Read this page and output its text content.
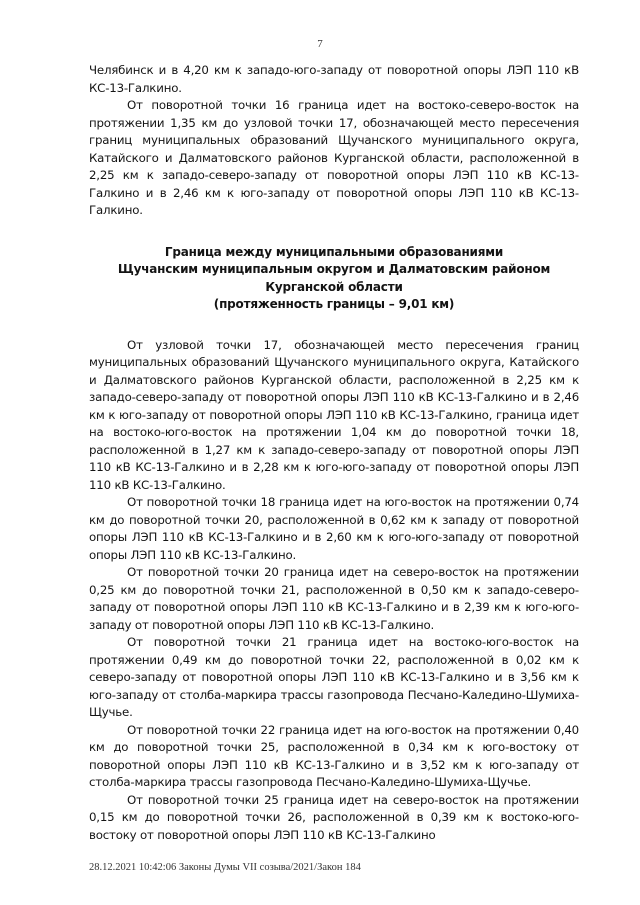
7

Челябинск и в 4,20 км к западо-юго-западу от поворотной опоры ЛЭП 110 кВ КС-13-Галкино.

От поворотной точки 16 граница идет на востоко-северо-восток на протяжении 1,35 км до узловой точки 17, обозначающей место пересечения границ муниципальных образований Щучанского муниципального округа, Катайского и Далматовского районов Курганской области, расположенной в 2,25 км к западо-северо-западу от поворотной опоры ЛЭП 110 кВ КС-13-Галкино и в 2,46 км к юго-западу от поворотной опоры ЛЭП 110 кВ КС-13-Галкино.

Граница между муниципальными образованиями
Щучанским муниципальным округом и Далматовским районом
Курганской области
(протяженность границы – 9,01 км)

От узловой точки 17, обозначающей место пересечения границ муниципальных образований Щучанского муниципального округа, Катайского и Далматовского районов Курганской области, расположенной в 2,25 км к западо-северо-западу от поворотной опоры ЛЭП 110 кВ КС-13-Галкино и в 2,46 км к юго-западу от поворотной опоры ЛЭП 110 кВ КС-13-Галкино, граница идет на востоко-юго-восток на протяжении 1,04 км до поворотной точки 18, расположенной в 1,27 км к западо-северо-западу от поворотной опоры ЛЭП 110 кВ КС-13-Галкино и в 2,28 км к юго-юго-западу от поворотной опоры ЛЭП 110 кВ КС-13-Галкино.

От поворотной точки 18 граница идет на юго-восток на протяжении 0,74 км до поворотной точки 20, расположенной в 0,62 км к западу от поворотной опоры ЛЭП 110 кВ КС-13-Галкино и в 2,60 км к юго-юго-западу от поворотной опоры ЛЭП 110 кВ КС-13-Галкино.

От поворотной точки 20 граница идет на северо-восток на протяжении 0,25 км до поворотной точки 21, расположенной в 0,50 км к западо-северо-западу от поворотной опоры ЛЭП 110 кВ КС-13-Галкино и в 2,39 км к юго-юго-западу от поворотной опоры ЛЭП 110 кВ КС-13-Галкино.

От поворотной точки 21 граница идет на востоко-юго-восток на протяжении 0,49 км до поворотной точки 22, расположенной в 0,02 км к северо-западу от поворотной опоры ЛЭП 110 кВ КС-13-Галкино и в 3,56 км к юго-западу от столба-маркира трассы газопровода Песчано-Каледино-Шумиха-Щучье.

От поворотной точки 22 граница идет на юго-восток на протяжении 0,40 км до поворотной точки 25, расположенной в 0,34 км к юго-востоку от поворотной опоры ЛЭП 110 кВ КС-13-Галкино и в 3,52 км к юго-западу от столба-маркира трассы газопровода Песчано-Каледино-Шумиха-Щучье.

От поворотной точки 25 граница идет на северо-восток на протяжении 0,15 км до поворотной точки 26, расположенной в 0,39 км к востоко-юго-востоку от поворотной опоры ЛЭП 110 кВ КС-13-Галкино

28.12.2021 10:42:06 Законы Думы VII созыва/2021/Закон 184
